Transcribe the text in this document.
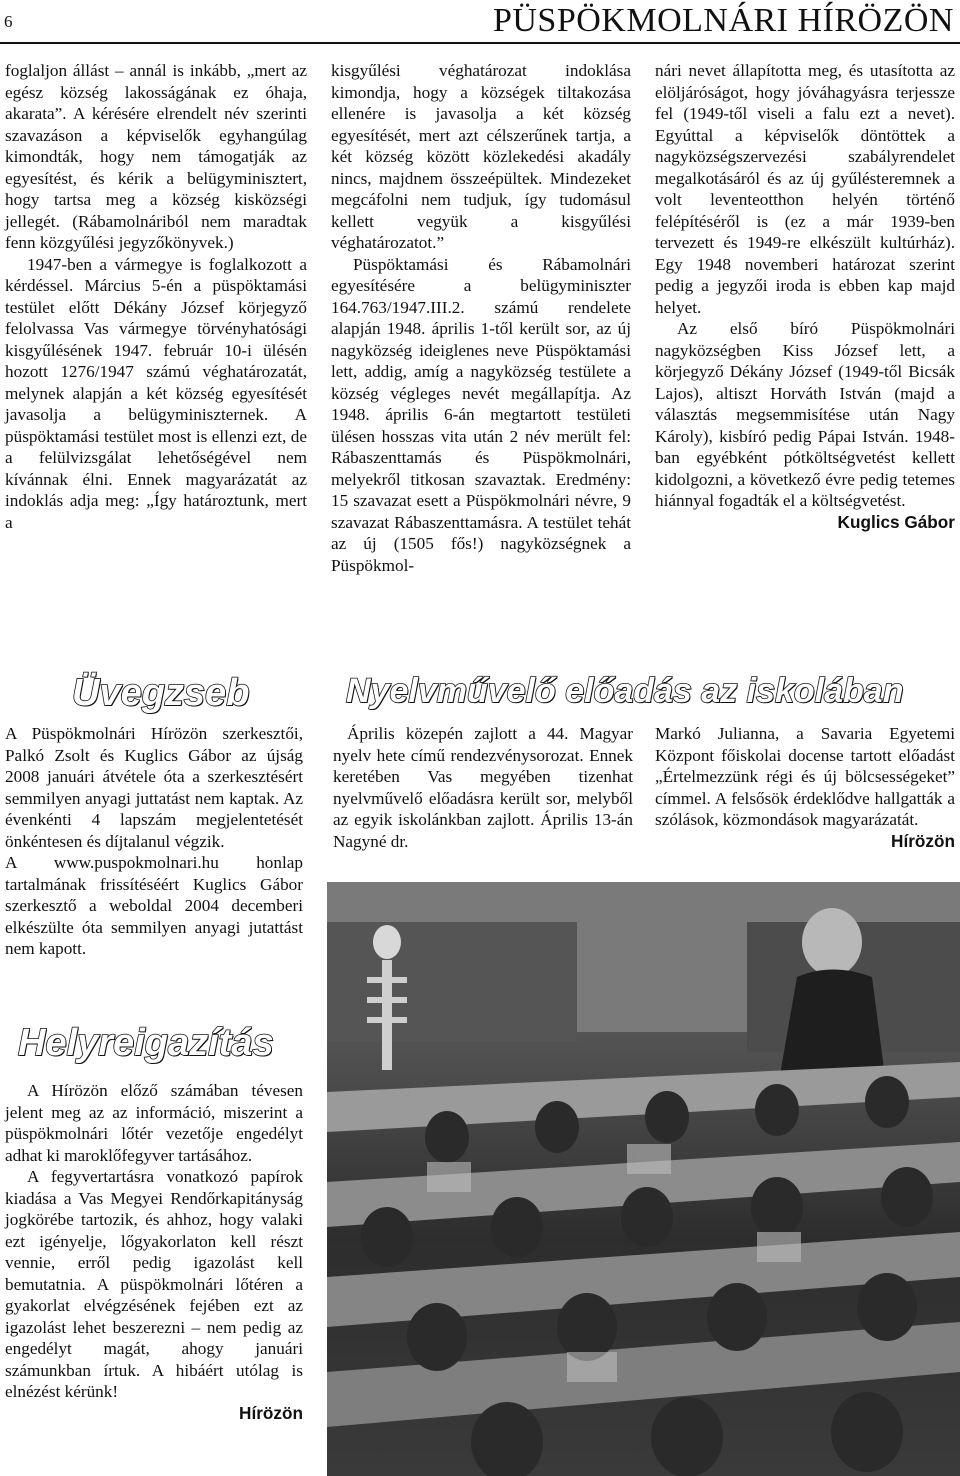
6	PÜSPÖKMOLNÁRI HÍRÖZÖN

foglaljon állást – annál is inkább, „mert az egész község lakosságának ez óhaja, akarata”. A kérésére elrendelt név szerinti szavazáson a képviselők egyhangúlag kimondták, hogy nem támogatják az egyesítést, és kérik a belügyminisztert, hogy tartsa meg a község kisközségi jellegét. (Rábamolnáriból nem maradtak fenn közgyűlési jegyzőkönyvek.)

1947-ben a vármegye is foglalkozott a kérdéssel. Március 5-én a püspöktamási testület előtt Dékány József körjegyző felolvassa Vas vármegye törvényhatósági kisgyűlésének 1947. február 10-i ülésén hozott 1276/1947 számú véghatározatát, melynek alapján a két község egyesítését javasolja a belügyminiszternek. A püspöktamási testület most is ellenzi ezt, de a felülvizsgálat lehetőségével nem kívánnak élni. Ennek magyarázatát az indoklás adja meg: „Így határoztunk, mert a

kisgyűlési véghatározat indoklása kimondja, hogy a községek tiltakozása ellenére is javasolja a két község egyesítését, mert azt célszerűnek tartja, a két község között közlekedési akadály nincs, majdnem összeépültek. Mindezeket megcáfolni nem tudjuk, így tudomásul kellett vegyük a kisgyűlési véghatározatot.”

Püspöktamási és Rábamolnári egyesítésére a belügyminiszter 164.763/1947.III.2. számú rendelete alapján 1948. április 1-től került sor, az új nagyközség ideiglenes neve Püspöktamási lett, addig, amíg a nagyközség testülete a község végleges nevét megállapítja. Az 1948. április 6-án megtartott testületi ülésen hosszas vita után 2 név merült fel: Rábaszenttamás és Püspökmolnári, melyekről titkosan szavaztak. Eredmény: 15 szavazat esett a Püspökmolnári névre, 9 szavazat Rábaszenttamásra. A testület tehát az új (1505 fős!) nagyközségnek a Püspökmol-

nári nevet állapította meg, és utasította az elöljáróságot, hogy jóváhagyásra terjessze fel (1949-től viseli a falu ezt a nevet). Egyúttal a képviselők döntöttek a nagyközségszervezési szabályrendelet megalkotásáról és az új gyűlésteremnek a volt leventeotthon helyén történő felépítéséről is (ez a már 1939-ben tervezett és 1949-re elkészült kultúrház). Egy 1948 novemberi határozat szerint pedig a jegyzői iroda is ebben kap majd helyet.

Az első bíró Püspökmolnári nagyközségben Kiss József lett, a körjegyző Dékány József (1949-től Bicsák Lajos), altiszt Horváth István (majd a választás megsemmisítése után Nagy Károly), kisbíró pedig Pápai István. 1948-ban egyébként pótköltségvetést kellett kidolgozni, a következő évre pedig tetemes hiánnyal fogadták el a költségvetést.

Kuglics Gábor
Üvegzseb

A Püspökmolnári Hírözön szerkesztői, Palkó Zsolt és Kuglics Gábor az újság 2008 januári átvétele óta a szerkesztésért semmilyen anyagi juttatást nem kaptak. Az évenkénti 4 lapszám megjelentetését önkéntesen és díjtalanul végzik.

A www.puspokmolnari.hu honlap tartalmának frissítéséért Kuglics Gábor szerkesztő a weboldal 2004 decemberi elkészülte óta semmilyen anyagi jutattást nem kapott.

Helyreigazítás

A Hírözön előző számában tévesen jelent meg az az információ, miszerint a püspökmolnári lőtér vezetője engedélyt adhat ki maroklőfegyver tartásához.

A fegyvertartásra vonatkozó papírok kiadása a Vas Megyei Rendőrkapitányság jogkörébe tartozik, és ahhoz, hogy valaki ezt igényelje, lőgyakorlaton kell részt vennie, erről pedig igazolást kell bemutatnia. A püspökmolnári lőtéren a gyakorlat elvégzésének fejében ezt az igazolást lehet beszerezni – nem pedig az engedélyt magát, ahogy januári számunkban írtuk. A hibáért utólag is elnézést kérünk!

Hírözön
Nyelvművelő előadás az iskolában

Április közepén zajlott a 44. Magyar nyelv hete című rendezvénysorozat. Ennek keretében Vas megyében tizenhat nyelvművelő előadásra került sor, melyből az egyik iskolánkban zajlott. Április 13-án Nagyné dr.

Markó Julianna, a Savaria Egyetemi Központ főiskolai docense tartott előadást „Értelmezzünk régi és új bölcsességeket” címmel. A felsősök érdeklődve hallgatták a szólások, közmondások magyarázatát.

Hírözön
